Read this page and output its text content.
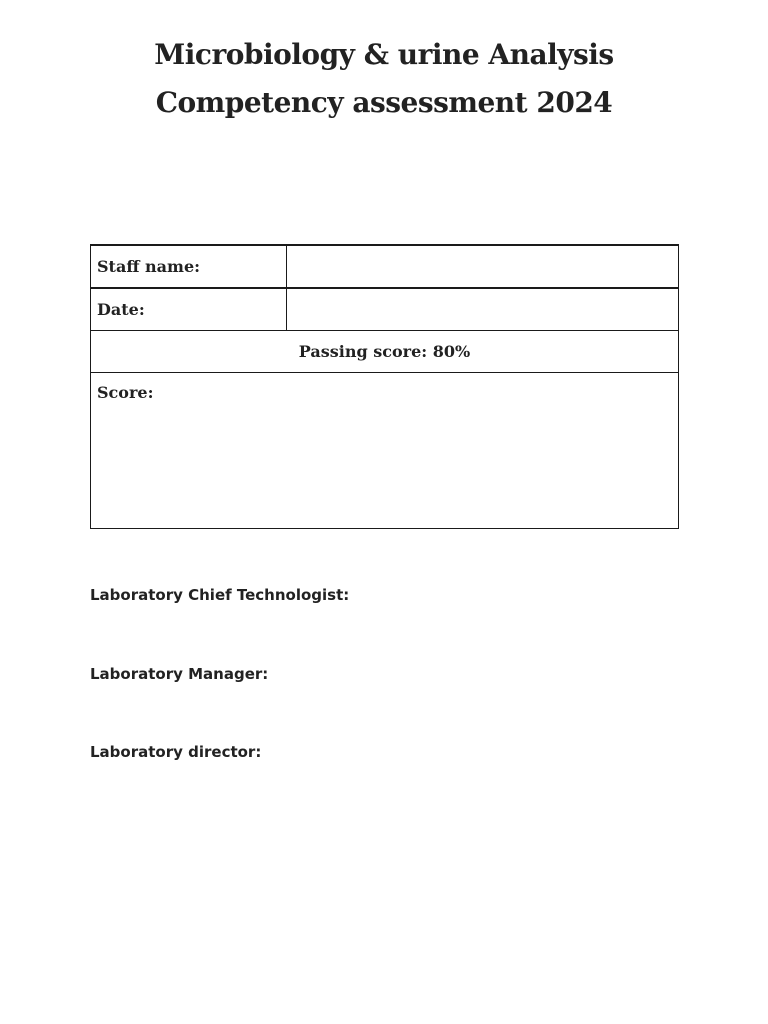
Microbiology & urine Analysis
Competency assessment 2024
Staff name:	
Date:	
Passing score: 80%	
Score:	
Laboratory Chief Technologist:
Laboratory Manager:
Laboratory director:
